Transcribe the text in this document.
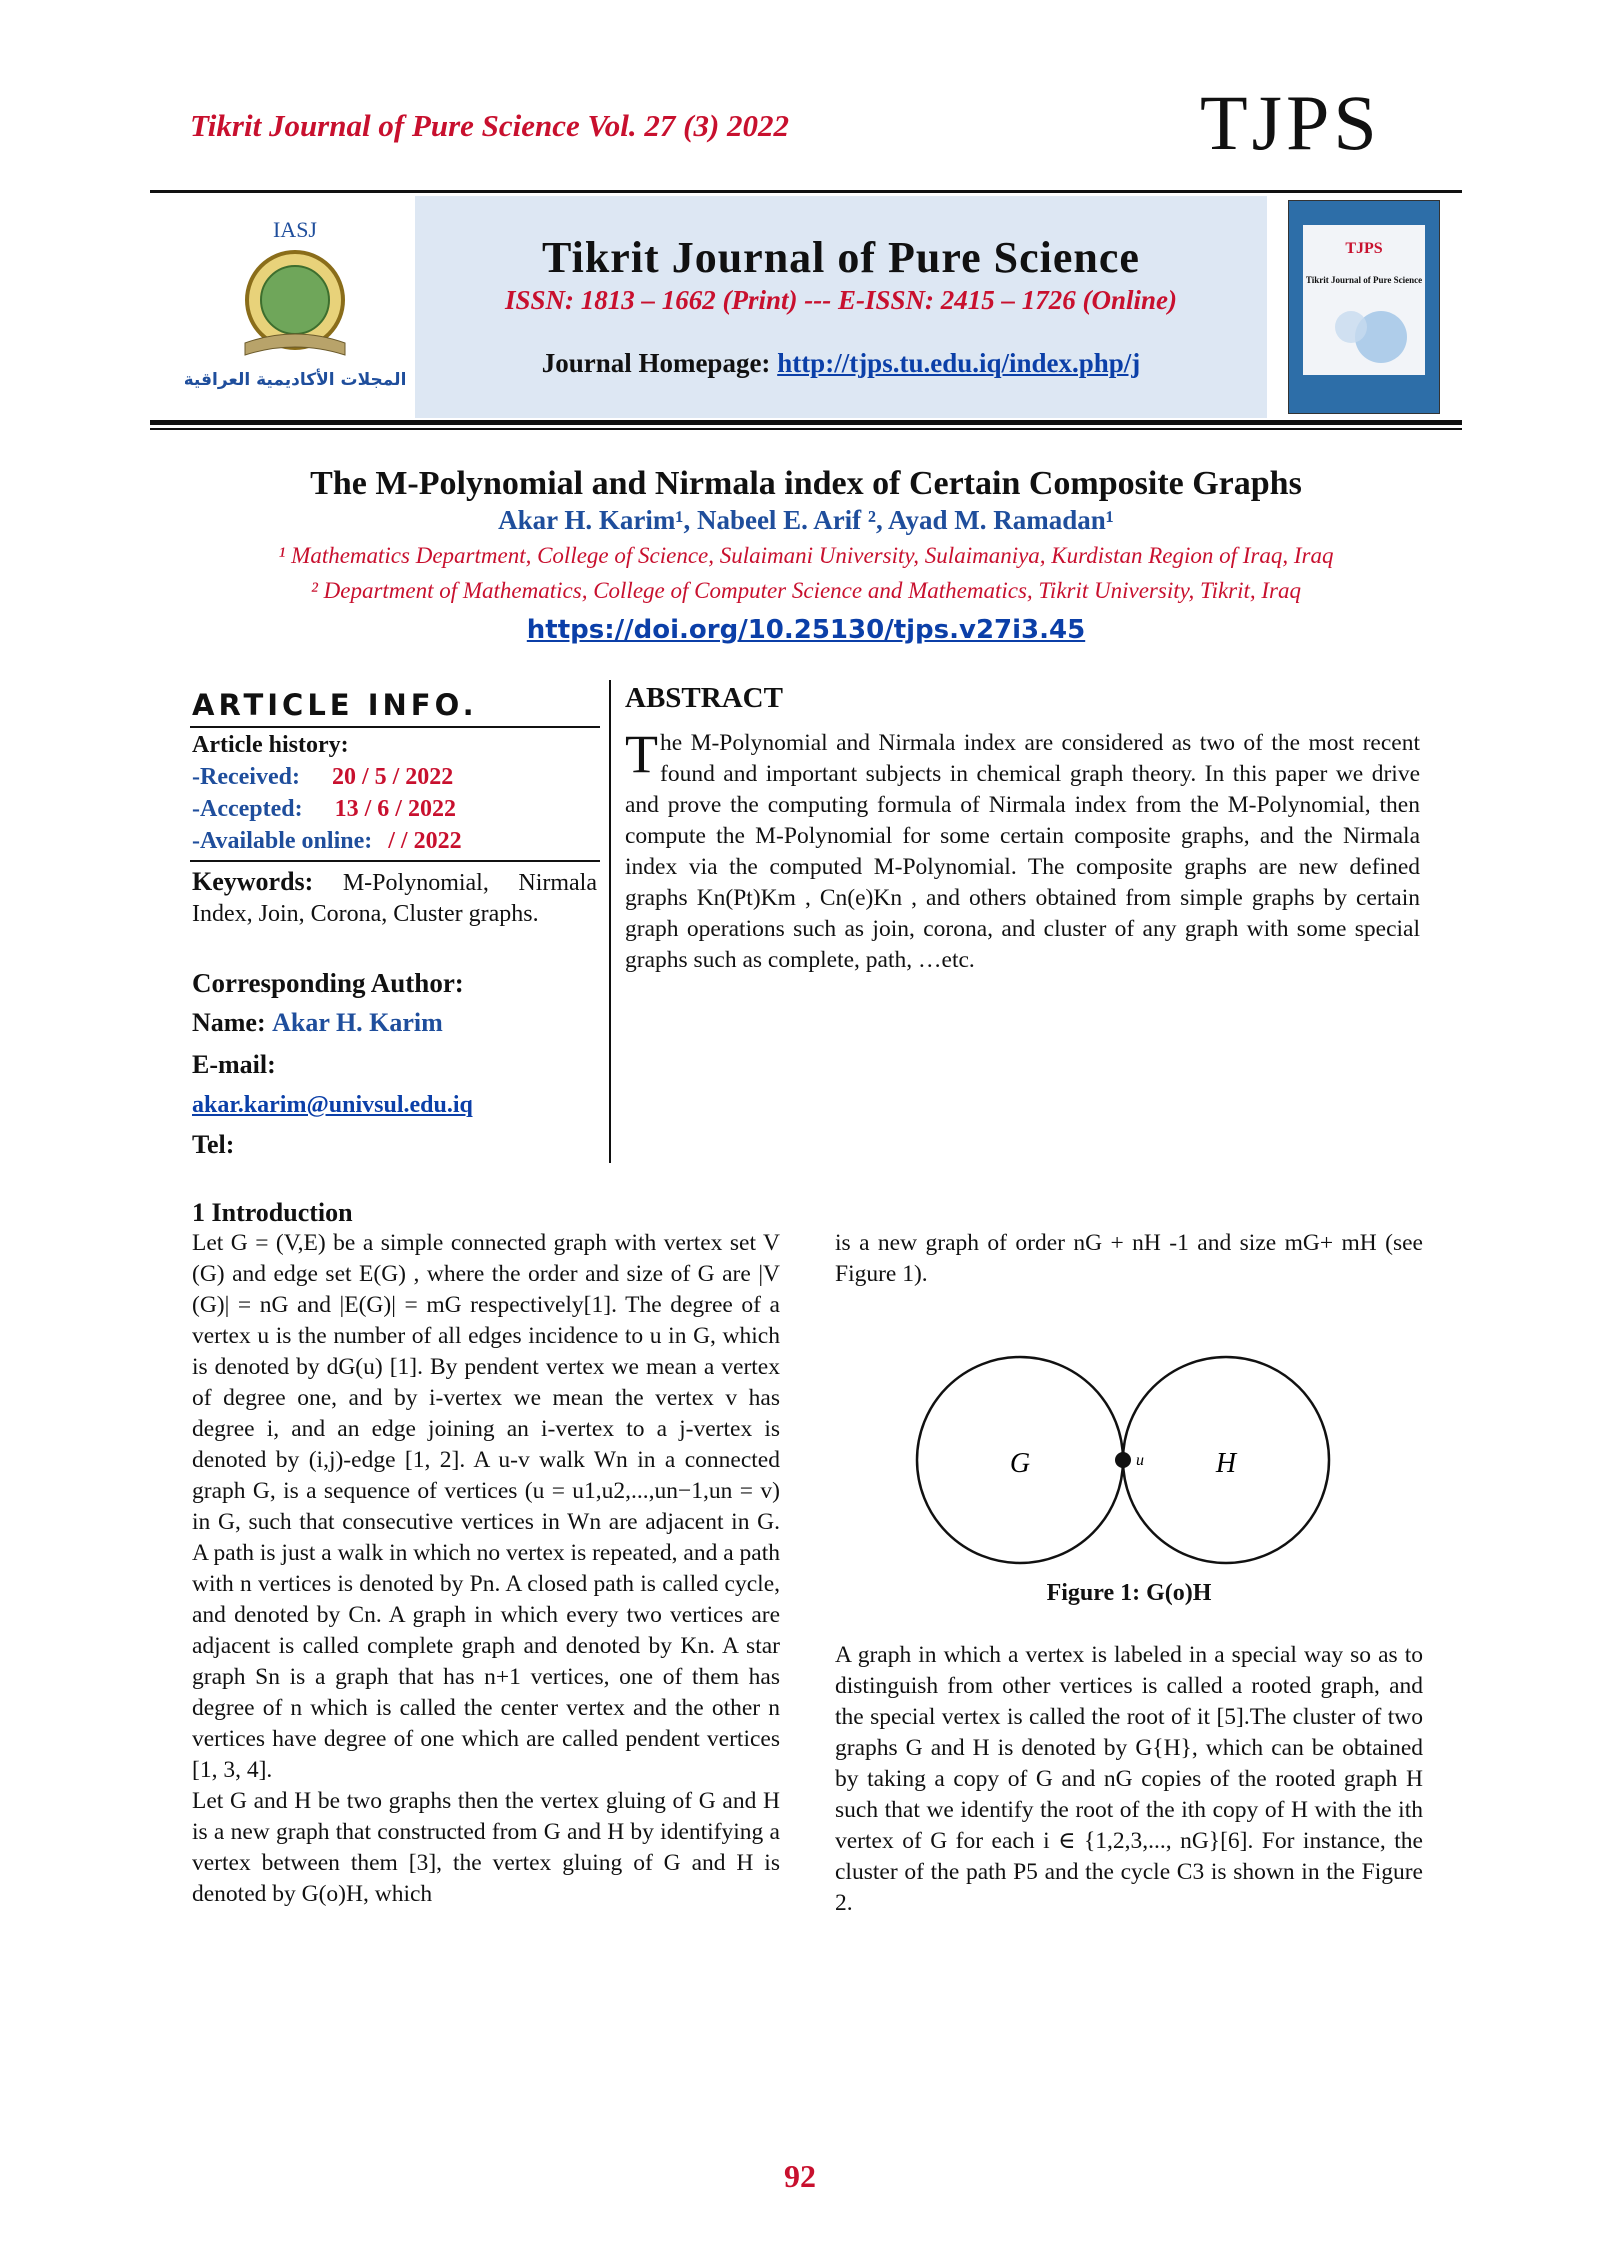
Tikrit Journal of Pure Science Vol. 27 (3) 2022	TJPS
IASJ
المجلات الأكاديمية العراقية
Tikrit Journal of Pure Science
ISSN: 1813 – 1662 (Print) --- E-ISSN: 2415 – 1726 (Online)
Journal Homepage: http://tjps.tu.edu.iq/index.php/j
TJPS
Tikrit Journal of Pure Science
The M-Polynomial and Nirmala index of Certain Composite Graphs
Akar H. Karim¹, Nabeel E. Arif ², Ayad M. Ramadan¹
¹ Mathematics Department, College of Science, Sulaimani University, Sulaimaniya, Kurdistan Region of Iraq, Iraq
² Department of Mathematics, College of Computer Science and Mathematics, Tikrit University, Tikrit, Iraq
https://doi.org/10.25130/tjps.v27i3.45
ARTICLE INFO.
Article history:
-Received: 20 / 5 / 2022
-Accepted: 13 / 6 / 2022
-Available online: / / 2022
Keywords: M-Polynomial, Nirmala Index, Join, Corona, Cluster graphs.
Corresponding Author:
Name: Akar H. Karim
E-mail:
akar.karim@univsul.edu.iq
Tel:
ABSTRACT
The M-Polynomial and Nirmala index are considered as two of the most recent found and important subjects in chemical graph theory. In this paper we drive and prove the computing formula of Nirmala index from the M-Polynomial, then compute the M-Polynomial for some certain composite graphs, and the Nirmala index via the computed M-Polynomial. The composite graphs are new defined graphs Kn(Pt)Km , Cn(e)Kn , and others obtained from simple graphs by certain graph operations such as join, corona, and cluster of any graph with some special graphs such as complete, path, …etc.
1 Introduction

Let G = (V,E) be a simple connected graph with vertex set V (G) and edge set E(G) , where the order and size of G are |V (G)| = nG and |E(G)| = mG respectively[1]. The degree of a vertex u is the number of all edges incidence to u in G, which is denoted by dG(u) [1]. By pendent vertex we mean a vertex of degree one, and by i-vertex we mean the vertex v has degree i, and an edge joining an i-vertex to a j-vertex is denoted by (i,j)-edge [1, 2]. A u-v walk Wn in a connected graph G, is a sequence of vertices (u = u1,u2,...,un−1,un = v) in G, such that consecutive vertices in Wn are adjacent in G. A path is just a walk in which no vertex is repeated, and a path with n vertices is denoted by Pn. A closed path is called cycle, and denoted by Cn. A graph in which every two vertices are adjacent is called complete graph and denoted by Kn. A star graph Sn is a graph that has n+1 vertices, one of them has degree of n which is called the center vertex and the other n vertices have degree of one which are called pendent vertices [1, 3, 4].

Let G and H be two graphs then the vertex gluing of G and H is a new graph that constructed from G and H by identifying a vertex between them [3], the vertex gluing of G and H is denoted by G(o)H, which

is a new graph of order nG + nH -1 and size mG+ mH (see Figure 1).
G	H
u
Figure 1: G(o)H
A graph in which a vertex is labeled in a special way so as to distinguish from other vertices is called a rooted graph, and the special vertex is called the root of it [5].The cluster of two graphs G and H is denoted by G{H}, which can be obtained by taking a copy of G and nG copies of the rooted graph H such that we identify the root of the ith copy of H with the ith vertex of G for each i ∈ {1,2,3,..., nG}[6]. For instance, the cluster of the path P5 and the cycle C3 is shown in the Figure 2.
92
